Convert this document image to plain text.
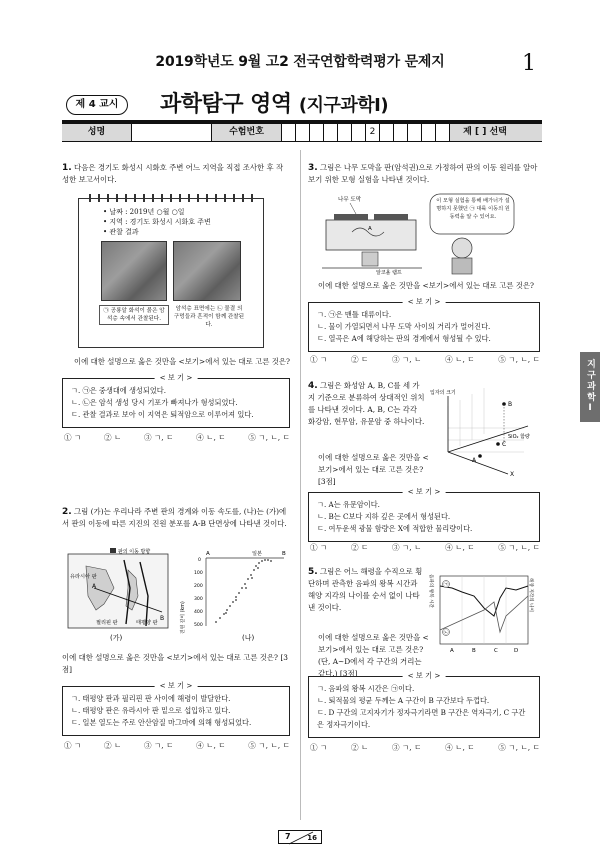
2019학년도 9월 고2 전국연합학력평가 문제지	1
제 4 교시	과학탐구 영역 (지구과학Ⅰ)
성명	수험번호	2	제 [ ] 선택
지구과학Ⅰ
1. 다음은 경기도 화성시 시화호 주변 어느 지역을 직접 조사한 후 작성한 보고서이다.
• 날짜 : 2019년 ○월 ○일
• 지역 : 경기도 화성시 시화호 주변
• 관찰 결과
㉠ 공룡알 화석이 붉은 암석층 속에서 관찰된다.
암석층 표면에는 ㉡ 물결 의 구멍들과 흔적이 함께 관찰된다.
이에 대한 설명으로 옳은 것만을 <보기>에서 있는 대로 고른 것은?
< 보 기 >
ㄱ. ㉠은 중생대에 생성되었다.
ㄴ. ㉡은 암석 생성 당시 기포가 빠져나가 형성되었다.
ㄷ. 관찰 결과로 보아 이 지역은 퇴적암으로 이루어져 있다.
① ㄱ	② ㄴ	③ ㄱ, ㄷ	④ ㄴ, ㄷ	⑤ ㄱ, ㄴ, ㄷ
2. 그림 (가)는 우리나라 주변 판의 경계와 이동 속도를, (나)는 (가)에서 판의 이동에 따른 지진의 진원 분포를 A-B 단면상에 나타낸 것이다.
A
B
판의 이동 방향
유라시아 판
필리핀 판	태평양 판
(가)
진원 깊이 (km)
0
100
200
300
400
500
A	B
일본
(나)
이에 대한 설명으로 옳은 것만을 <보기>에서 있는 대로 고른 것은? [3점]
< 보 기 >
ㄱ. 태평양 판과 필리핀 판 사이에 해령이 발달한다.
ㄴ. 태평양 판은 유라시아 판 밑으로 섭입하고 있다.
ㄷ. 일본 열도는 주로 안산암질 마그마에 의해 형성되었다.
① ㄱ	② ㄴ	③ ㄱ, ㄷ	④ ㄴ, ㄷ	⑤ ㄱ, ㄴ, ㄷ
3. 그림은 나무 도막을 판(암석권)으로 가정하여 판의 이동 원리를 알아보기 위한 모형 실험을 나타낸 것이다.
나무 도막
A
알코올 램프
이 모형 실험을 통해 배가너가 설명하지 못했던 ㉠ 대륙 이동의 원동력을 알 수 있어요.
이에 대한 설명으로 옳은 것만을 <보기>에서 있는 대로 고른 것은?
< 보 기 >
ㄱ. ㉠은 맨틀 대류이다.
ㄴ. 물이 가열되면서 나무 도막 사이의 거리가 멀어진다.
ㄷ. 열곡은 A에 해당하는 판의 경계에서 형성될 수 있다.
① ㄱ	② ㄷ	③ ㄱ, ㄴ	④ ㄴ, ㄷ	⑤ ㄱ, ㄴ, ㄷ
4. 그림은 화성암 A, B, C를 세 가지 기준으로 분류하여 상대적인 위치를 나타낸 것이다. A, B, C는 각각 화강암, 현무암, 유문암 중 하나이다.
입자의 크기
SiO₂ 함량
X
B
C
A
이에 대한 설명으로 옳은 것만을 <보기>에서 있는 대로 고른 것은? [3점]
< 보 기 >
ㄱ. A는 유문암이다.
ㄴ. B는 C보다 지하 깊은 곳에서 형성된다.
ㄷ. 여두운색 광물 함량은 X에 적합한 물리량이다.
① ㄱ	② ㄷ	③ ㄱ, ㄴ	④ ㄴ, ㄷ	⑤ ㄱ, ㄴ, ㄷ
5. 그림은 어느 해령을 수직으로 횡단하며 관측한 음파의 왕복 시간과 해양 지각의 나이를 순서 없이 나타낸 것이다.	음파의 왕복 시간	해양 지각의 나이
㉠
㉡
A	B	C	D
이에 대한 설명으로 옳은 것만을 <보기>에서 있는 대로 고른 것은? (단, A~D에서 각 구간의 거리는 같다.) [3점]	< 보 기 >
ㄱ. 음파의 왕복 시간은 ㉠이다.
ㄴ. 퇴적물의 평균 두께는 A 구간이 B 구간보다 두껍다.
ㄷ. D 구간의 고지자기가 정자극기라면 B 구간은 역자극기, C 구간은 정자극기이다.
① ㄱ	② ㄴ	③ ㄱ, ㄷ	④ ㄴ, ㄷ	⑤ ㄱ, ㄴ, ㄷ
7 16
